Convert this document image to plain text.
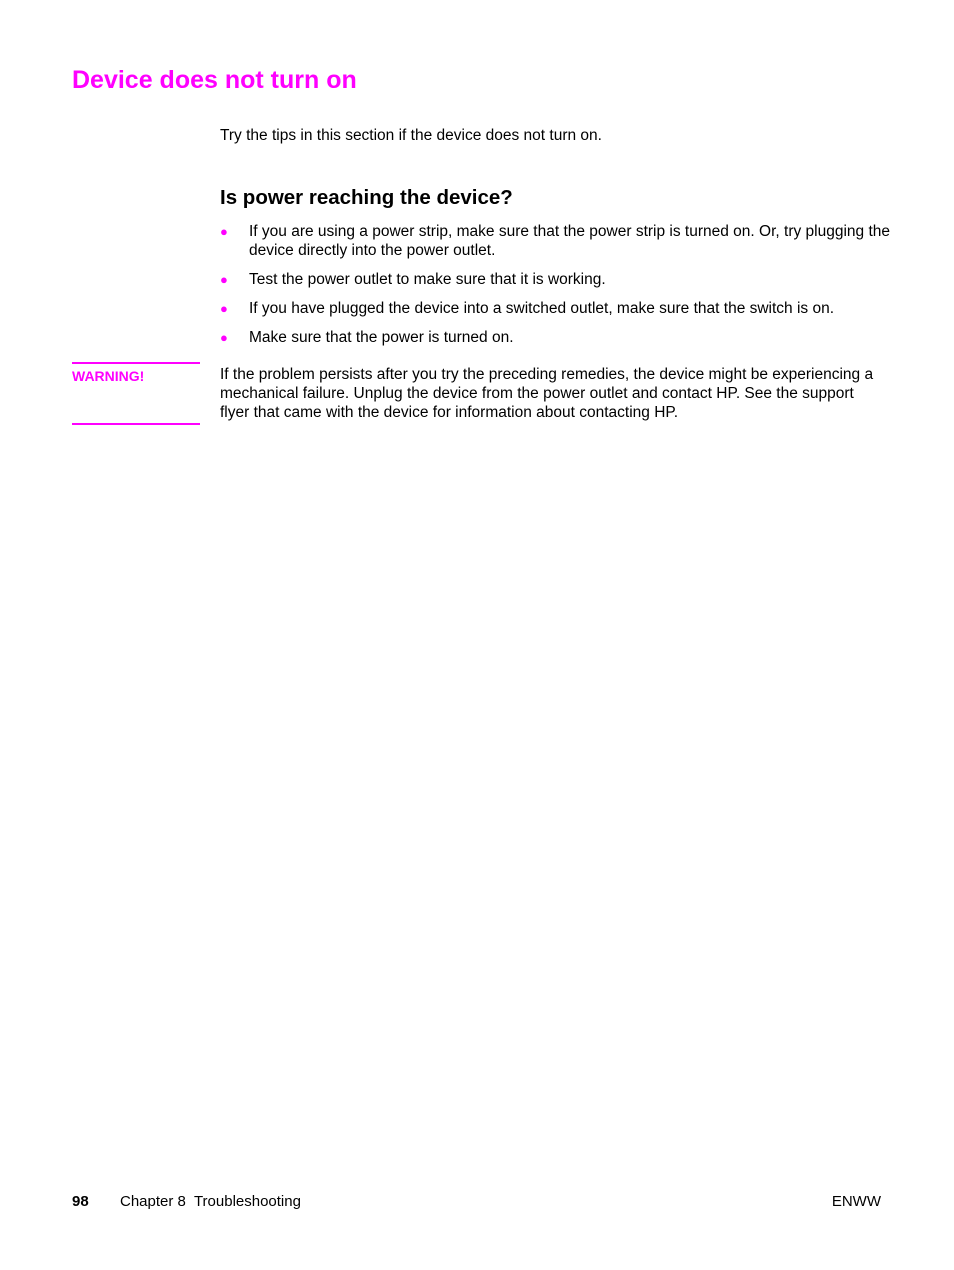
Device does not turn on

Try the tips in this section if the device does not turn on.

Is power reaching the device?
● If you are using a power strip, make sure that the power strip is turned on. Or, try plugging the device directly into the power outlet.
● Test the power outlet to make sure that it is working.
● If you have plugged the device into a switched outlet, make sure that the switch is on.
● Make sure that the power is turned on.

WARNING!	If the problem persists after you try the preceding remedies, the device might be experiencing a mechanical failure. Unplug the device from the power outlet and contact HP. See the support flyer that came with the device for information about contacting HP.

98 Chapter 8  Troubleshooting	ENWW
